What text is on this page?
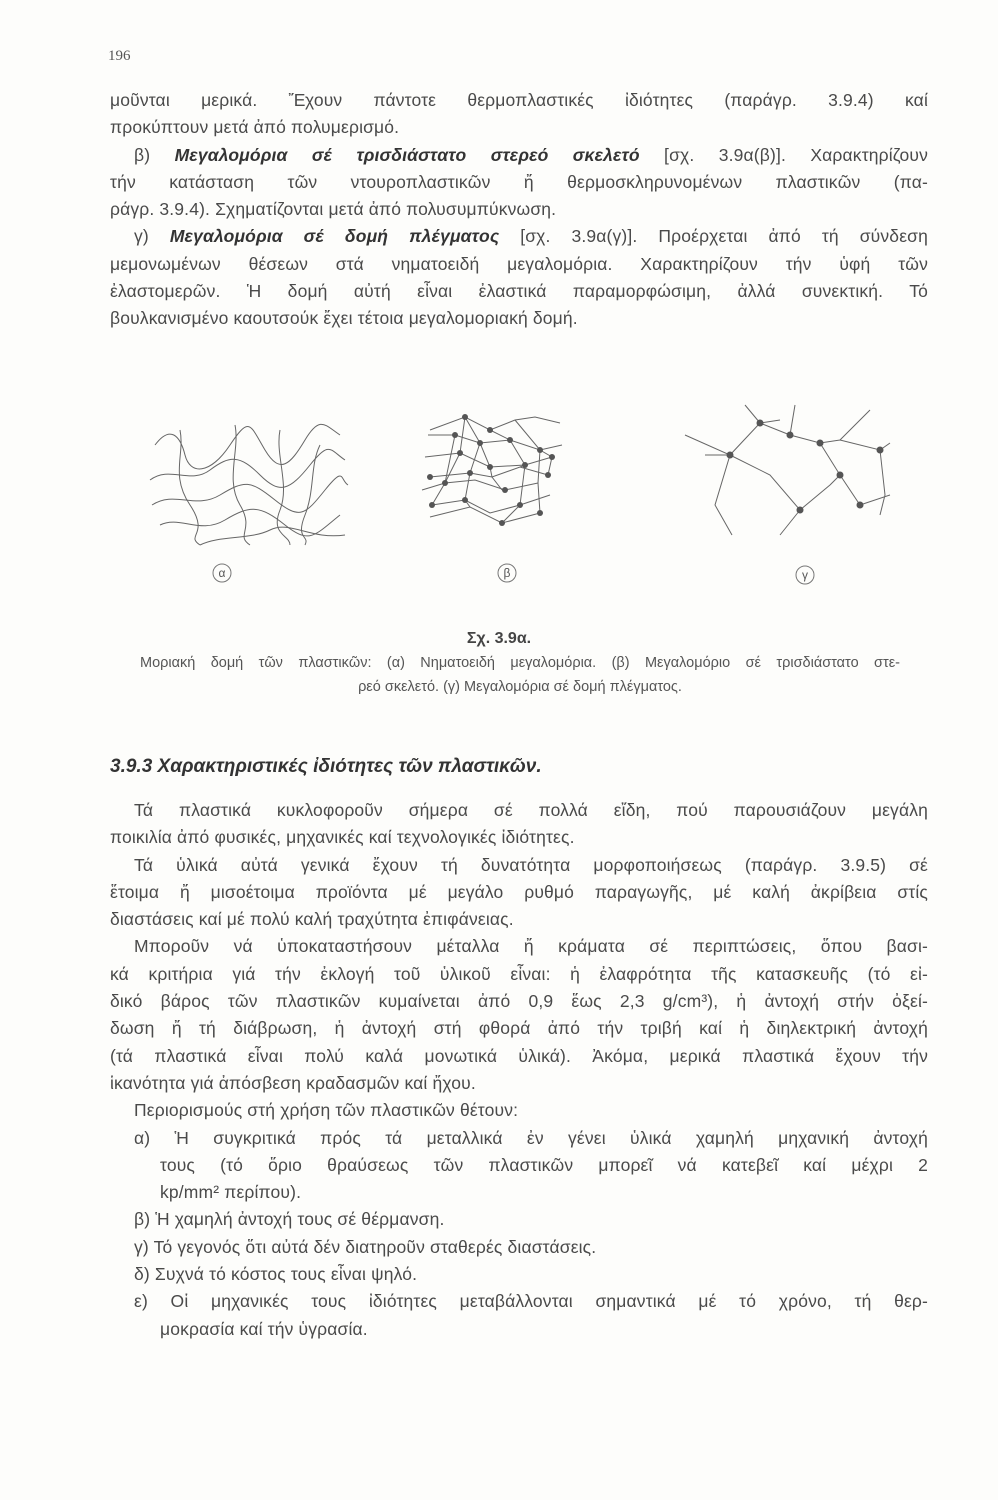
196
μοῦνται μερικά. Ἔχουν πάντοτε θερμοπλαστικές ἰδιότητες (παράγρ. 3.9.4) καί
προκύπτουν μετά ἀπό πολυμερισμό.
β) Μεγαλομόρια σέ τρισδιάστατο στερεό σκελετό [σχ. 3.9α(β)]. Χαρακτηρίζουν
τήν κατάσταση τῶν ντουροπλαστικῶν ἤ θερμοσκληρυνομένων πλαστικῶν (πα-
ράγρ. 3.9.4). Σχηματίζονται μετά ἀπό πολυσυμπύκνωση.
γ) Μεγαλομόρια σέ δομή πλέγματος [σχ. 3.9α(γ)]. Προέρχεται ἀπό τή σύνδεση
μεμονωμένων θέσεων στά νηματοειδή μεγαλομόρια. Χαρακτηρίζουν τήν ὑφή τῶν
ἐλαστομερῶν. Ἡ δομή αὐτή εἶναι ἐλαστικά παραμορφώσιμη, ἀλλά συνεκτική. Τό
βουλκανισμένο καουτσούκ ἔχει τέτοια μεγαλομοριακή δομή.
α	β	γ
Σχ. 3.9α.
Μοριακή δομή τῶν πλαστικῶν: (α) Νηματοειδή μεγαλομόρια. (β) Μεγαλομόριο σέ τρισδιάστατο στε-
ρεό σκελετό. (γ) Μεγαλομόρια σέ δομή πλέγματος.
3.9.3 Χαρακτηριστικές ἰδιότητες τῶν πλαστικῶν.
Τά πλαστικά κυκλοφοροῦν σήμερα σέ πολλά εἴδη, πού παρουσιάζουν μεγάλη
ποικιλία ἀπό φυσικές, μηχανικές καί τεχνολογικές ἰδιότητες.
Τά ὑλικά αὐτά γενικά ἔχουν τή δυνατότητα μορφοποιήσεως (παράγρ. 3.9.5) σέ
ἕτοιμα ἤ μισοέτοιμα προϊόντα μέ μεγάλο ρυθμό παραγωγῆς, μέ καλή ἀκρίβεια στίς
διαστάσεις καί μέ πολύ καλή τραχύτητα ἐπιφάνειας.
Μποροῦν νά ὑποκαταστήσουν μέταλλα ἤ κράματα σέ περιπτώσεις, ὅπου βασι-
κά κριτήρια γιά τήν ἐκλογή τοῦ ὑλικοῦ εἶναι: ἡ ἐλαφρότητα τῆς κατασκευῆς (τό εἰ-
δικό βάρος τῶν πλαστικῶν κυμαίνεται ἀπό 0,9 ἕως 2,3 g/cm³), ἡ ἀντοχή στήν ὀξεί-
δωση ἤ τή διάβρωση, ἡ ἀντοχή στή φθορά ἀπό τήν τριβή καί ἡ διηλεκτρική ἀντοχή
(τά πλαστικά εἶναι πολύ καλά μονωτικά ὑλικά). Ἀκόμα, μερικά πλαστικά ἔχουν τήν
ἱκανότητα γιά ἀπόσβεση κραδασμῶν καί ἤχου.
Περιορισμούς στή χρήση τῶν πλαστικῶν θέτουν:
α) Ἡ συγκριτικά πρός τά μεταλλικά ἐν γένει ὑλικά χαμηλή μηχανική ἀντοχή
τους (τό ὅριο θραύσεως τῶν πλαστικῶν μπορεῖ νά κατεβεῖ καί μέχρι 2
kp/mm² περίπου).
β) Ἡ χαμηλή ἀντοχή τους σέ θέρμανση.
γ) Τό γεγονός ὅτι αὐτά δέν διατηροῦν σταθερές διαστάσεις.
δ) Συχνά τό κόστος τους εἶναι ψηλό.
ε) Οἱ μηχανικές τους ἰδιότητες μεταβάλλονται σημαντικά μέ τό χρόνο, τή θερ-
μοκρασία καί τήν ὑγρασία.
